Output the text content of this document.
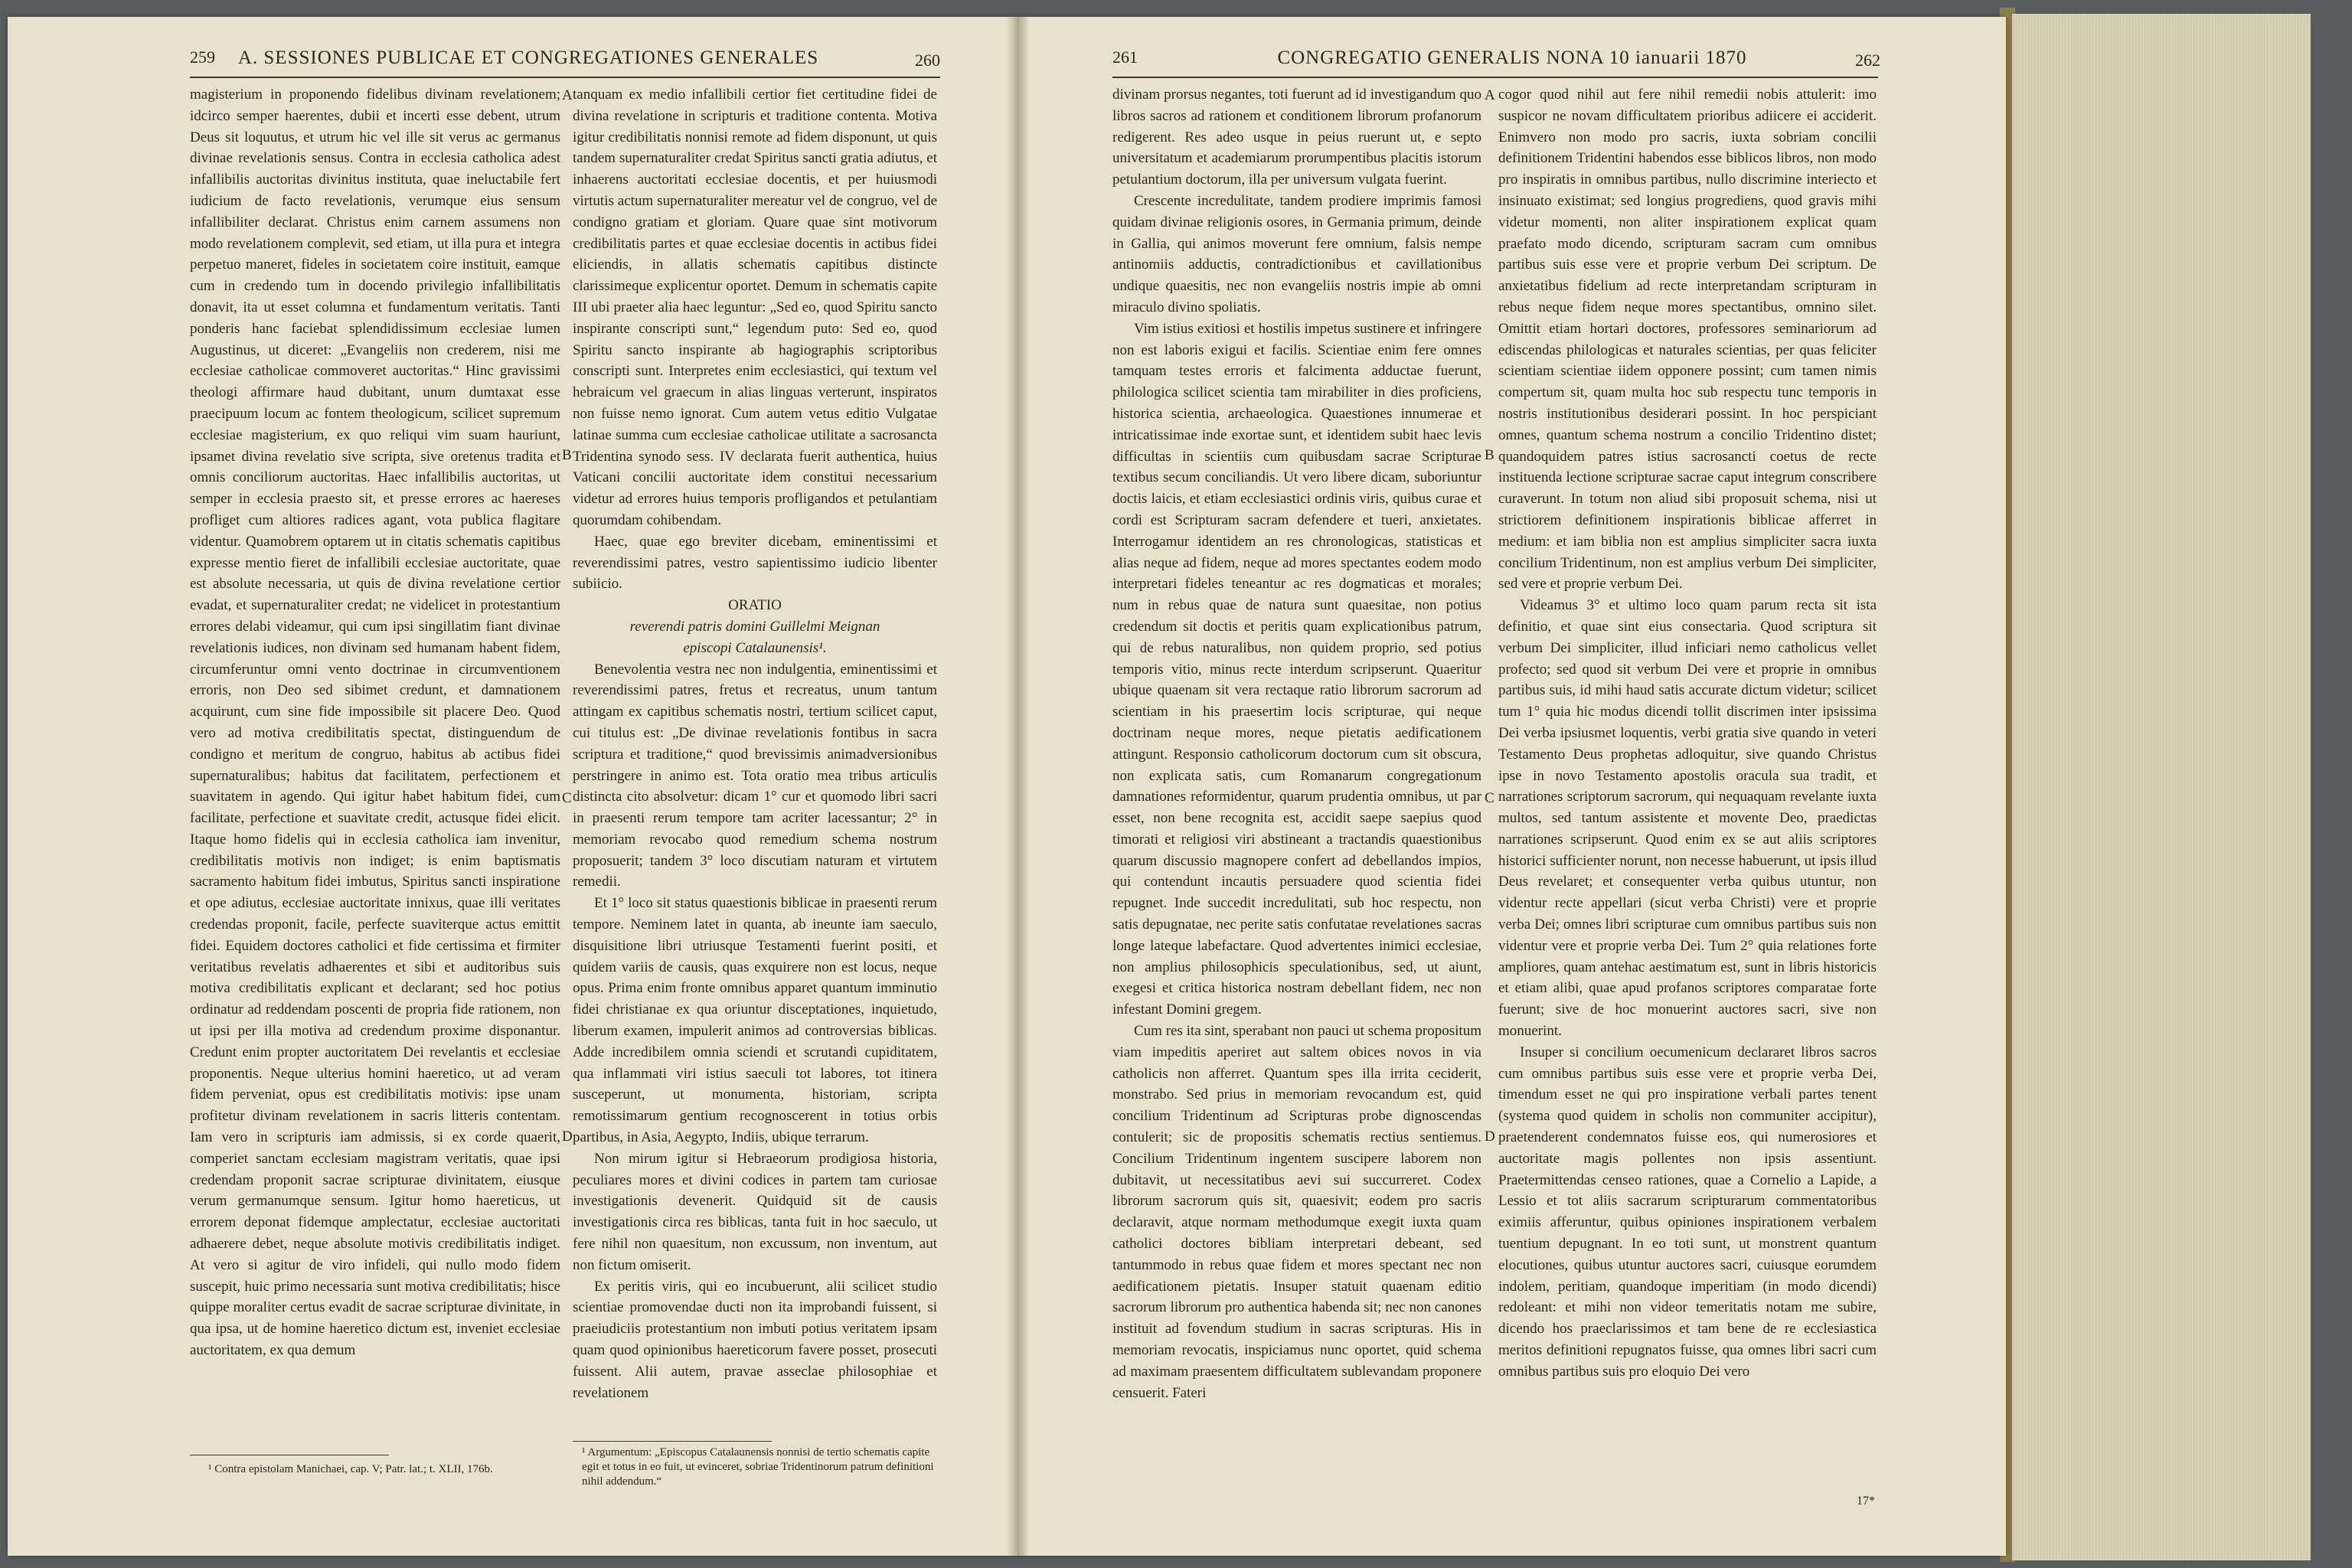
259	A. SESSIONES PUBLICAE ET CONGREGATIONES GENERALES	260

magisterium in proponendo fidelibus divinam revelationem; idcirco semper haerentes, dubii et incerti esse debent, utrum Deus sit loquutus, et utrum hic vel ille sit verus ac germanus divinae revelationis sensus. Contra in ecclesia catholica adest infallibilis auctoritas divinitus instituta, quae ineluctabile fert iudicium de facto revelationis, verumque eius sensum infallibiliter declarat. Christus enim carnem assumens non modo revelationem complevit, sed etiam, ut illa pura et integra perpetuo maneret, fideles in societatem coire instituit, eamque cum in credendo tum in docendo privilegio infallibilitatis donavit, ita ut esset columna et fundamentum veritatis. Tanti ponderis hanc faciebat splendidissimum ecclesiae lumen Augustinus, ut diceret: „Evangeliis non crederem, nisi me ecclesiae catholicae commoveret auctoritas.“ Hinc gravissimi theologi affirmare haud dubitant, unum dumtaxat esse praecipuum locum ac fontem theologicum, scilicet supremum ecclesiae magisterium, ex quo reliqui vim suam hauriunt, ipsamet divina revelatio sive scripta, sive oretenus tradita et omnis conciliorum auctoritas. Haec infallibilis auctoritas, ut semper in ecclesia praesto sit, et presse errores ac haereses profliget cum altiores radices agant, vota publica flagitare videntur. Quamobrem optarem ut in citatis schematis capitibus expresse mentio fieret de infallibili ecclesiae auctoritate, quae est absolute necessaria, ut quis de divina revelatione certior evadat, et supernaturaliter credat; ne videlicet in protestantium errores delabi videamur, qui cum ipsi singillatim fiant divinae revelationis iudices, non divinam sed humanam habent fidem, circumferuntur omni vento doctrinae in circumventionem erroris, non Deo sed sibimet credunt, et damnationem acquirunt, cum sine fide impossibile sit placere Deo. Quod vero ad motiva credibilitatis spectat, distinguendum de condigno et meritum de congruo, habitus ab actibus fidei supernaturalibus; habitus dat facilitatem, perfectionem et suavitatem in agendo. Qui igitur habet habitum fidei, cum facilitate, perfectione et suavitate credit, actusque fidei elicit. Itaque homo fidelis qui in ecclesia catholica iam invenitur, credibilitatis motivis non indiget; is enim baptismatis sacramento habitum fidei imbutus, Spiritus sancti inspiratione et ope adiutus, ecclesiae auctoritate innixus, quae illi veritates credendas proponit, facile, perfecte suaviterque actus emittit fidei. Equidem doctores catholici et fide certissima et firmiter veritatibus revelatis adhaerentes et sibi et auditoribus suis motiva credibilitatis explicant et declarant; sed hoc potius ordinatur ad reddendam poscenti de propria fide rationem, non ut ipsi per illa motiva ad credendum proxime disponantur. Credunt enim propter auctoritatem Dei revelantis et ecclesiae proponentis. Neque ulterius homini haeretico, ut ad veram fidem perveniat, opus est credibilitatis motivis: ipse unam profitetur divinam revelationem in sacris litteris contentam. Iam vero in scripturis iam admissis, si ex corde quaerit, comperiet sanctam ecclesiam magistram veritatis, quae ipsi credendam proponit sacrae scripturae divinitatem, eiusque verum germanumque sensum. Igitur homo haereticus, ut errorem deponat fidemque amplectatur, ecclesiae auctoritati adhaerere debet, neque absolute motivis credibilitatis indiget. At vero si agitur de viro infideli, qui nullo modo fidem suscepit, huic primo necessaria sunt motiva credibilitatis; hisce quippe moraliter certus evadit de sacrae scripturae divinitate, in qua ipsa, ut de homine haeretico dictum est, inveniet ecclesiae auctoritatem, ex qua demum

¹ Contra epistolam Manichaei, cap. V; Patr. lat.; t. XLII, 176b.

tanquam ex medio infallibili certior fiet certitudine fidei de divina revelatione in scripturis et traditione contenta. Motiva igitur credibilitatis nonnisi remote ad fidem disponunt, ut quis tandem supernaturaliter credat Spiritus sancti gratia adiutus, et inhaerens auctoritati ecclesiae docentis, et per huiusmodi virtutis actum supernaturaliter mereatur vel de congruo, vel de condigno gratiam et gloriam. Quare quae sint motivorum credibilitatis partes et quae ecclesiae docentis in actibus fidei eliciendis, in allatis schematis capitibus distincte clarissimeque explicentur oportet. Demum in schematis capite III ubi praeter alia haec leguntur: „Sed eo, quod Spiritu sancto inspirante conscripti sunt,“ legendum puto: Sed eo, quod Spiritu sancto inspirante ab hagiographis scriptoribus conscripti sunt. Interpretes enim ecclesiastici, qui textum vel hebraicum vel graecum in alias linguas verterunt, inspiratos non fuisse nemo ignorat. Cum autem vetus editio Vulgatae latinae summa cum ecclesiae catholicae utilitate a sacrosancta Tridentina synodo sess. IV declarata fuerit authentica, huius Vaticani concilii auctoritate idem constitui necessarium videtur ad errores huius temporis profligandos et petulantiam quorumdam cohibendam.

Haec, quae ego breviter dicebam, eminentissimi et reverendissimi patres, vestro sapientissimo iudicio libenter subiicio.

ORATIO

reverendi patris domini Guillelmi Meignan

episcopi Catalaunensis¹.

Benevolentia vestra nec non indulgentia, eminentissimi et reverendissimi patres, fretus et recreatus, unum tantum attingam ex capitibus schematis nostri, tertium scilicet caput, cui titulus est: „De divinae revelationis fontibus in sacra scriptura et traditione,“ quod brevissimis animadversionibus perstringere in animo est. Tota oratio mea tribus articulis distincta cito absolvetur: dicam 1° cur et quomodo libri sacri in praesenti rerum tempore tam acriter lacessantur; 2° in memoriam revocabo quod remedium schema nostrum proposuerit; tandem 3° loco discutiam naturam et virtutem remedii.

Et 1° loco sit status quaestionis biblicae in praesenti rerum tempore. Neminem latet in quanta, ab ineunte iam saeculo, disquisitione libri utriusque Testamenti fuerint positi, et quidem variis de causis, quas exquirere non est locus, neque opus. Prima enim fronte omnibus apparet quantum imminutio fidei christianae ex qua oriuntur disceptationes, inquietudo, liberum examen, impulerit animos ad controversias biblicas. Adde incredibilem omnia sciendi et scrutandi cupiditatem, qua inflammati viri istius saeculi tot labores, tot itinera susceperunt, ut monumenta, historiam, scripta remotissimarum gentium recognoscerent in totius orbis partibus, in Asia, Aegypto, Indiis, ubique terrarum.

Non mirum igitur si Hebraeorum prodigiosa historia, peculiares mores et divini codices in partem tam curiosae investigationis devenerit. Quidquid sit de causis investigationis circa res biblicas, tanta fuit in hoc saeculo, ut fere nihil non quaesitum, non excussum, non inventum, aut non fictum omiserit.

Ex peritis viris, qui eo incubuerunt, alii scilicet studio scientiae promovendae ducti non ita improbandi fuissent, si praeiudiciis protestantium non imbuti potius veritatem ipsam quam quod opinionibus haereticorum favere posset, prosecuti fuissent. Alii autem, pravae asseclae philosophiae et revelationem

¹ Argumentum: „Episcopus Catalaunensis nonnisi de tertio schematis capite egit et totus in eo fuit, ut evinceret, sobriae Tridentinorum patrum definitioni nihil addendum.“
A
B
C
D
261	CONGREGATIO GENERALIS NONA 10 ianuarii 1870	262

divinam prorsus negantes, toti fuerunt ad id investigandum quo libros sacros ad rationem et conditionem librorum profanorum redigerent. Res adeo usque in peius ruerunt ut, e septo universitatum et academiarum prorumpentibus placitis istorum petulantium doctorum, illa per universum vulgata fuerint.

Crescente incredulitate, tandem prodiere imprimis famosi quidam divinae religionis osores, in Germania primum, deinde in Gallia, qui animos moverunt fere omnium, falsis nempe antinomiis adductis, contradictionibus et cavillationibus undique quaesitis, nec non evangeliis nostris impie ab omni miraculo divino spoliatis.

Vim istius exitiosi et hostilis impetus sustinere et infringere non est laboris exigui et facilis. Scientiae enim fere omnes tamquam testes erroris et falcimenta adductae fuerunt, philologica scilicet scientia tam mirabiliter in dies proficiens, historica scientia, archaeologica. Quaestiones innumerae et intricatissimae inde exortae sunt, et identidem subit haec levis difficultas in scientiis cum quibusdam sacrae Scripturae textibus secum conciliandis. Ut vero libere dicam, suboriuntur doctis laicis, et etiam ecclesiastici ordinis viris, quibus curae et cordi est Scripturam sacram defendere et tueri, anxietates. Interrogamur identidem an res chronologicas, statisticas et alias neque ad fidem, neque ad mores spectantes eodem modo interpretari fideles teneantur ac res dogmaticas et morales; num in rebus quae de natura sunt quaesitae, non potius credendum sit doctis et peritis quam explicationibus patrum, qui de rebus naturalibus, non quidem proprio, sed potius temporis vitio, minus recte interdum scripserunt. Quaeritur ubique quaenam sit vera rectaque ratio librorum sacrorum ad scientiam in his praesertim locis scripturae, qui neque doctrinam neque mores, neque pietatis aedificationem attingunt. Responsio catholicorum doctorum cum sit obscura, non explicata satis, cum Romanarum congregationum damnationes reformidentur, quarum prudentia omnibus, ut par esset, non bene recognita est, accidit saepe saepius quod timorati et religiosi viri abstineant a tractandis quaestionibus quarum discussio magnopere confert ad debellandos impios, qui contendunt incautis persuadere quod scientia fidei repugnet. Inde succedit incredulitati, sub hoc respectu, non satis depugnatae, nec perite satis confutatae revelationes sacras longe lateque labefactare. Quod advertentes inimici ecclesiae, non amplius philosophicis speculationibus, sed, ut aiunt, exegesi et critica historica nostram debellant fidem, nec non infestant Domini gregem.

Cum res ita sint, sperabant non pauci ut schema propositum viam impeditis aperiret aut saltem obices novos in via catholicis non afferret. Quantum spes illa irrita ceciderit, monstrabo. Sed prius in memoriam revocandum est, quid concilium Tridentinum ad Scripturas probe dignoscendas contulerit; sic de propositis schematis rectius sentiemus. Concilium Tridentinum ingentem suscipere laborem non dubitavit, ut necessitatibus aevi sui succurreret. Codex librorum sacrorum quis sit, quaesivit; eodem pro sacris declaravit, atque normam methodumque exegit iuxta quam catholici doctores bibliam interpretari debeant, sed tantummodo in rebus quae fidem et mores spectant nec non aedificationem pietatis. Insuper statuit quaenam editio sacrorum librorum pro authentica habenda sit; nec non canones instituit ad fovendum studium in sacras scripturas. His in memoriam revocatis, inspiciamus nunc oportet, quid schema ad maximam praesentem difficultatem sublevandam proponere censuerit. Fateri

cogor quod nihil aut fere nihil remedii nobis attulerit: imo suspicor ne novam difficultatem prioribus adiicere ei acciderit. Enimvero non modo pro sacris, iuxta sobriam concilii definitionem Tridentini habendos esse biblicos libros, non modo pro inspiratis in omnibus partibus, nullo discrimine interiecto et insinuato existimat; sed longius progrediens, quod gravis mihi videtur momenti, non aliter inspirationem explicat quam praefato modo dicendo, scripturam sacram cum omnibus partibus suis esse vere et proprie verbum Dei scriptum. De anxietatibus fidelium ad recte interpretandam scripturam in rebus neque fidem neque mores spectantibus, omnino silet. Omittit etiam hortari doctores, professores seminariorum ad ediscendas philologicas et naturales scientias, per quas feliciter scientiam scientiae iidem opponere possint; cum tamen nimis compertum sit, quam multa hoc sub respectu tunc temporis in nostris institutionibus desiderari possint. In hoc perspiciant omnes, quantum schema nostrum a concilio Tridentino distet; quandoquidem patres istius sacrosancti coetus de recte instituenda lectione scripturae sacrae caput integrum conscribere curaverunt. In totum non aliud sibi proposuit schema, nisi ut strictiorem definitionem inspirationis biblicae afferret in medium: et iam biblia non est amplius simpliciter sacra iuxta concilium Tridentinum, non est amplius verbum Dei simpliciter, sed vere et proprie verbum Dei.

Videamus 3° et ultimo loco quam parum recta sit ista definitio, et quae sint eius consectaria. Quod scriptura sit verbum Dei simpliciter, illud inficiari nemo catholicus vellet profecto; sed quod sit verbum Dei vere et proprie in omnibus partibus suis, id mihi haud satis accurate dictum videtur; scilicet tum 1° quia hic modus dicendi tollit discrimen inter ipsissima Dei verba ipsiusmet loquentis, verbi gratia sive quando in veteri Testamento Deus prophetas adloquitur, sive quando Christus ipse in novo Testamento apostolis oracula sua tradit, et narrationes scriptorum sacrorum, qui nequaquam revelante iuxta multos, sed tantum assistente et movente Deo, praedictas narrationes scripserunt. Quod enim ex se aut aliis scriptores historici sufficienter norunt, non necesse habuerunt, ut ipsis illud Deus revelaret; et consequenter verba quibus utuntur, non videntur recte appellari (sicut verba Christi) vere et proprie verba Dei; omnes libri scripturae cum omnibus partibus suis non videntur vere et proprie verba Dei. Tum 2° quia relationes forte ampliores, quam antehac aestimatum est, sunt in libris historicis et etiam alibi, quae apud profanos scriptores comparatae forte fuerunt; sive de hoc monuerint auctores sacri, sive non monuerint.

Insuper si concilium oecumenicum declararet libros sacros cum omnibus partibus suis esse vere et proprie verba Dei, timendum esset ne qui pro inspiratione verbali partes tenent (systema quod quidem in scholis non communiter accipitur), praetenderent condemnatos fuisse eos, qui numerosiores et auctoritate magis pollentes non ipsis assentiunt. Praetermittendas censeo rationes, quae a Cornelio a Lapide, a Lessio et tot aliis sacrarum scripturarum commentatoribus eximiis afferuntur, quibus opiniones inspirationem verbalem tuentium depugnant. In eo toti sunt, ut monstrent quantum elocutiones, quibus utuntur auctores sacri, cuiusque eorumdem indolem, peritiam, quandoque imperitiam (in modo dicendi) redoleant: et mihi non videor temeritatis notam me subire, dicendo hos praeclarissimos et tam bene de re ecclesiastica meritos definitioni repugnatos fuisse, qua omnes libri sacri cum omnibus partibus suis pro eloquio Dei vero

A
B
C
D
17*
